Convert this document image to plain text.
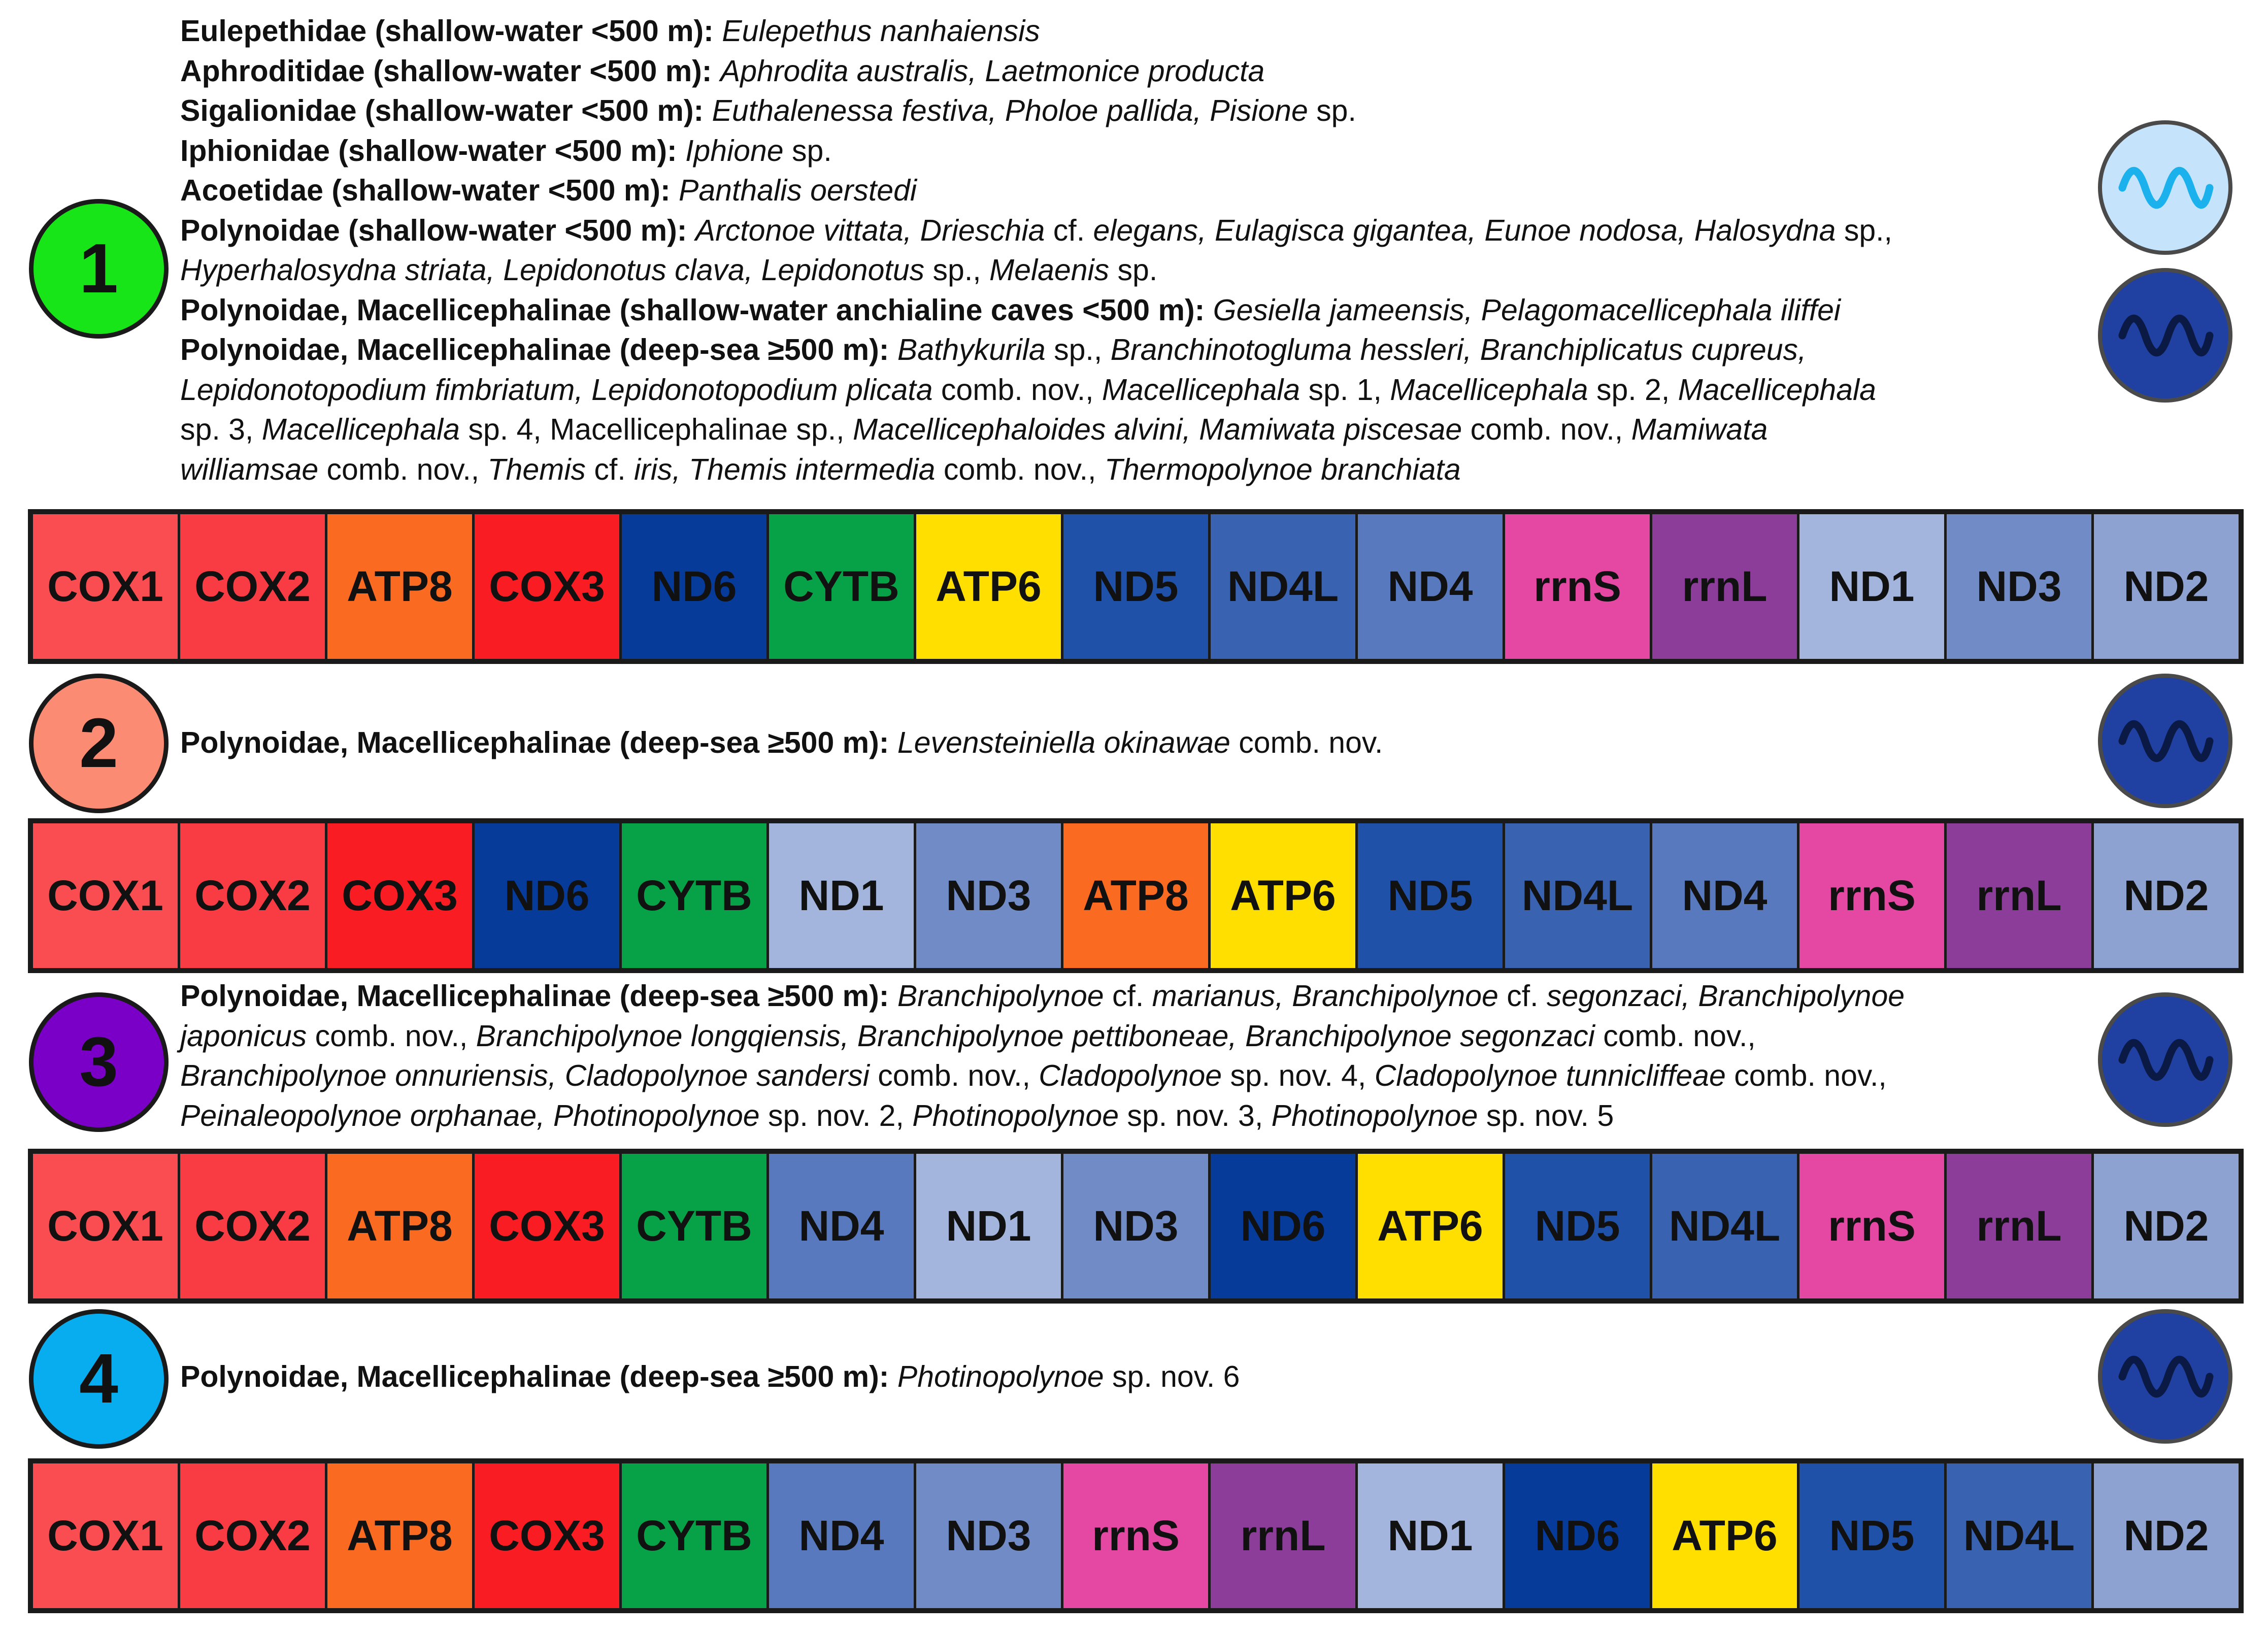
1
Eulepethidae (shallow-water <500 m): Eulepethus nanhaiensis
Aphroditidae (shallow-water <500 m): Aphrodita australis, Laetmonice producta
Sigalionidae (shallow-water <500 m): Euthalenessa festiva, Pholoe pallida, Pisione sp.
Iphionidae (shallow-water <500 m): Iphione sp.
Acoetidae (shallow-water <500 m): Panthalis oerstedi
Polynoidae (shallow-water <500 m): Arctonoe vittata, Drieschia cf. elegans, Eulagisca gigantea, Eunoe nodosa, Halosydna sp.,
Hyperhalosydna striata, Lepidonotus clava, Lepidonotus sp., Melaenis sp.
Polynoidae, Macellicephalinae (shallow-water anchialine caves <500 m): Gesiella jameensis, Pelagomacellicephala iliffei
Polynoidae, Macellicephalinae (deep-sea ≥500 m): Bathykurila sp., Branchinotogluma hessleri, Branchiplicatus cupreus,
Lepidonotopodium fimbriatum, Lepidonotopodium plicata comb. nov., Macellicephala sp. 1, Macellicephala sp. 2, Macellicephala
sp. 3, Macellicephala sp. 4, Macellicephalinae sp., Macellicephaloides alvini, Mamiwata piscesae comb. nov., Mamiwata
williamsae comb. nov., Themis cf. iris, Themis intermedia comb. nov., Thermopolynoe branchiata
COX1 COX2 ATP8 COX3	ND6	CYTB ATP6	ND5	ND4L	ND4	rrnS	rrnL	ND1	ND3	ND2
2 Polynoidae, Macellicephalinae (deep-sea ≥500 m): Levensteiniella okinawae comb. nov.
COX1 COX2 COX3	ND6	CYTB	ND1	ND3	ATP8 ATP6	ND5	ND4L	ND4	rrnS	rrnL	ND2
3
Polynoidae, Macellicephalinae (deep-sea ≥500 m): Branchipolynoe cf. marianus, Branchipolynoe cf. segonzaci, Branchipolynoe
japonicus comb. nov., Branchipolynoe longqiensis, Branchipolynoe pettiboneae, Branchipolynoe segonzaci comb. nov.,
Branchipolynoe onnuriensis, Cladopolynoe sandersi comb. nov., Cladopolynoe sp. nov. 4, Cladopolynoe tunnicliffeae comb. nov.,
Peinaleopolynoe orphanae, Photinopolynoe sp. nov. 2, Photinopolynoe sp. nov. 3, Photinopolynoe sp. nov. 5
COX1 COX2 ATP8 COX3 CYTB	ND4	ND1	ND3	ND6	ATP6	ND5	ND4L	rrnS	rrnL	ND2
4 Polynoidae, Macellicephalinae (deep-sea ≥500 m): Photinopolynoe sp. nov. 6
COX1 COX2 ATP8 COX3 CYTB	ND4	ND3	rrnS	rrnL	ND1	ND6	ATP6	ND5	ND4L	ND2
